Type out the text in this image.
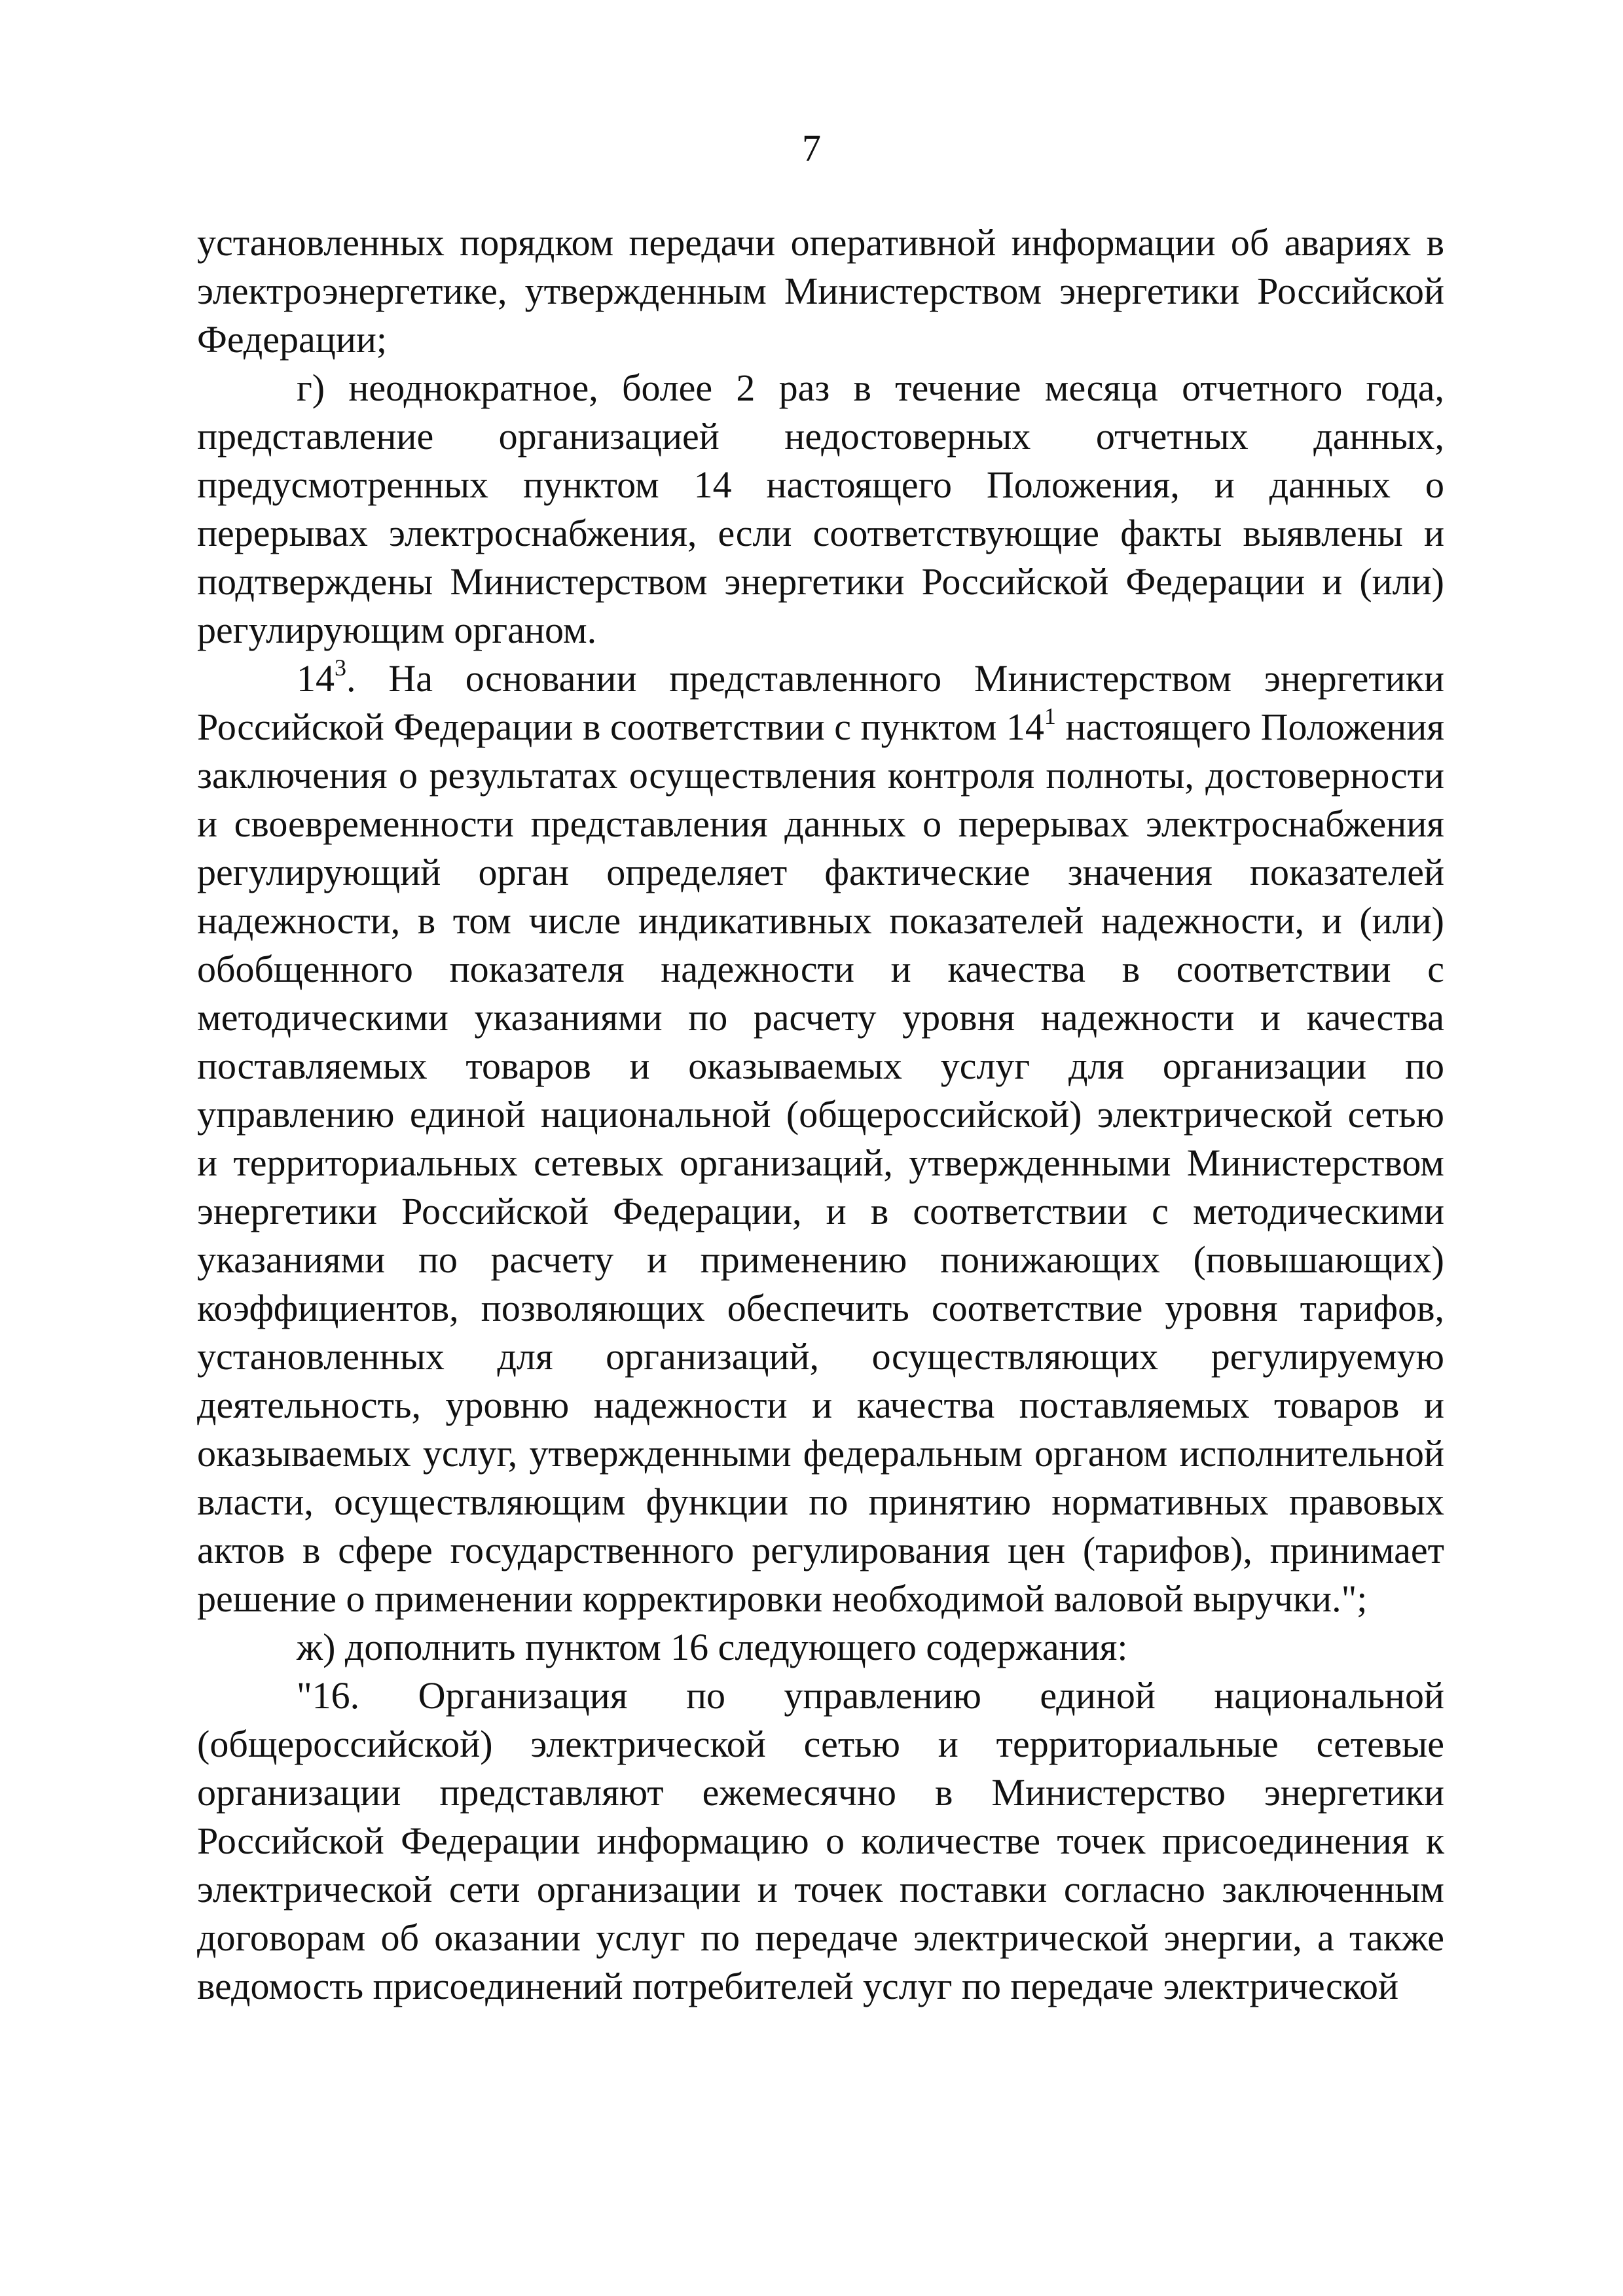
7

установленных порядком передачи оперативной информации об авариях в электроэнергетике, утвержденным Министерством энергетики Российской Федерации;

г) неоднократное, более 2 раз в течение месяца отчетного года, представление организацией недостоверных отчетных данных, предусмотренных пунктом 14 настоящего Положения, и данных о перерывах электроснабжения, если соответствующие факты выявлены и подтверждены Министерством энергетики Российской Федерации и (или) регулирующим органом.

$14^3$. На основании представленного Министерством энергетики Российской Федерации в соответствии с пунктом $14^1$ настоящего Положения заключения о результатах осуществления контроля полноты, достоверности и своевременности представления данных о перерывах электроснабжения регулирующий орган определяет фактические значения показателей надежности, в том числе индикативных показателей надежности, и (или) обобщенного показателя надежности и качества в соответствии с методическими указаниями по расчету уровня надежности и качества поставляемых товаров и оказываемых услуг для организации по управлению единой национальной (общероссийской) электрической сетью и территориальных сетевых организаций, утвержденными Министерством энергетики Российской Федерации, и в соответствии с методическими указаниями по расчету и применению понижающих (повышающих) коэффициентов, позволяющих обеспечить соответствие уровня тарифов, установленных для организаций, осуществляющих регулируемую деятельность, уровню надежности и качества поставляемых товаров и оказываемых услуг, утвержденными федеральным органом исполнительной власти, осуществляющим функции по принятию нормативных правовых актов в сфере государственного регулирования цен (тарифов), принимает решение о применении корректировки необходимой валовой выручки.";

ж) дополнить пунктом 16 следующего содержания:

"16. Организация по управлению единой национальной (общероссийской) электрической сетью и территориальные сетевые организации представляют ежемесячно в Министерство энергетики Российской Федерации информацию о количестве точек присоединения к электрической сети организации и точек поставки согласно заключенным договорам об оказании услуг по передаче электрической энергии, а также ведомость присоединений потребителей услуг по передаче электрической
